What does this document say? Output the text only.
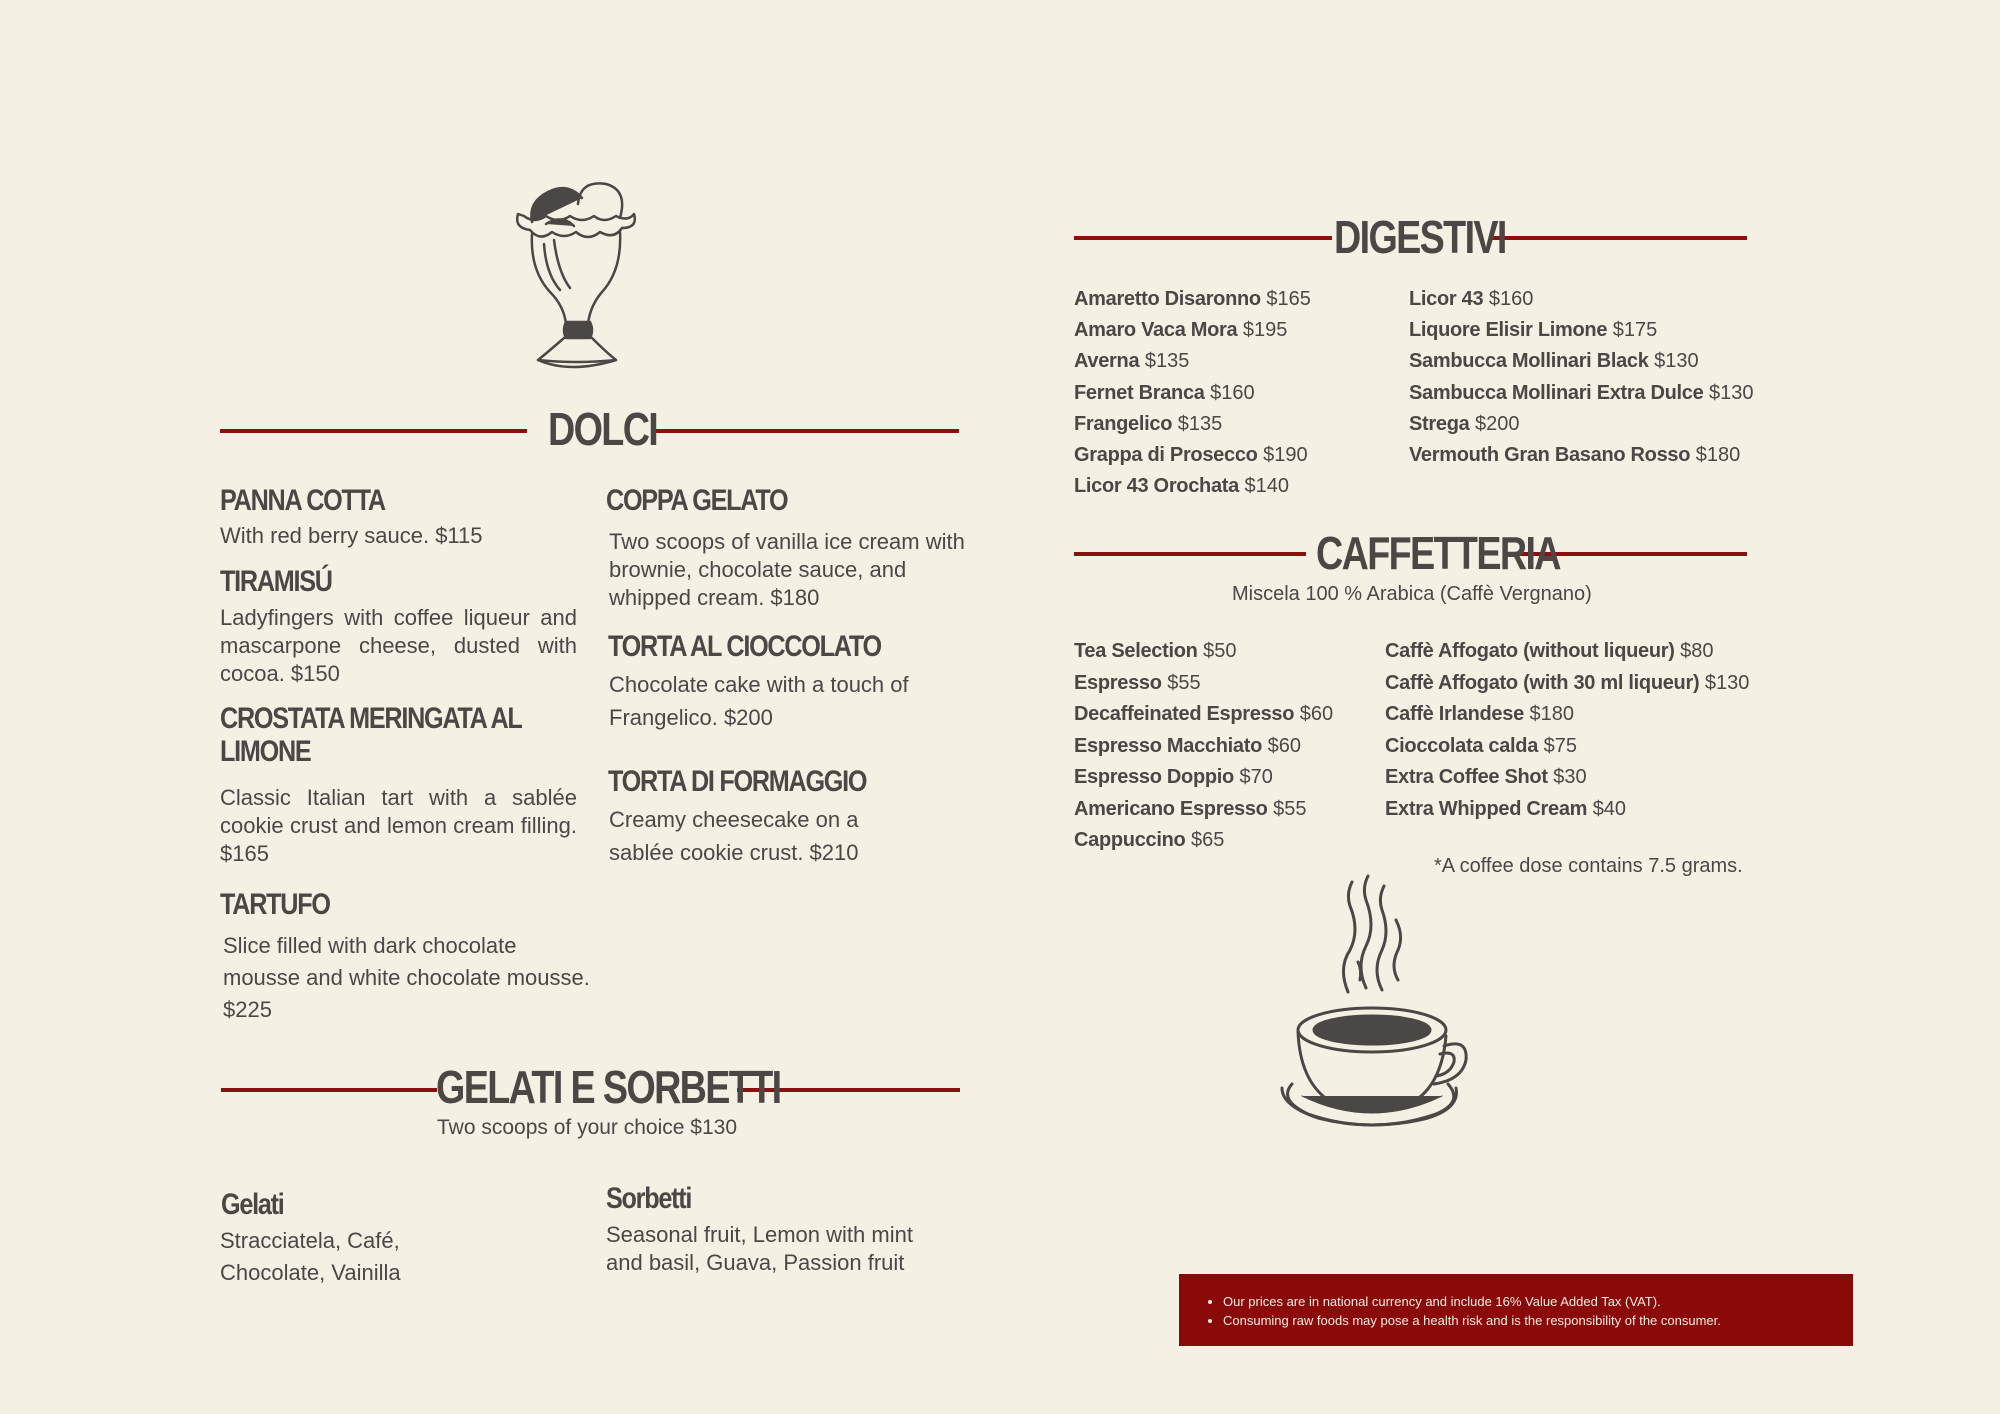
DOLCI
PANNA COTTA
With red berry sauce. $115
TIRAMISÚ
Ladyfingers with coffee liqueur and mascarpone cheese, dusted with cocoa. $150
CROSTATA MERINGATA AL LIMONE
Classic Italian tart with a sablée cookie crust and lemon cream filling. $165
TARTUFO
Slice filled with dark chocolate mousse and white chocolate mousse. $225
COPPA GELATO
Two scoops of vanilla ice cream with brownie, chocolate sauce, and whipped cream. $180
TORTA AL CIOCCOLATO
Chocolate cake with a touch of Frangelico. $200
TORTA DI FORMAGGIO
Creamy cheesecake on a sablée cookie crust. $210
GELATI E SORBETTI
Two scoops of your choice $130
Gelati
Stracciatela, Café, Chocolate, Vainilla
Sorbetti
Seasonal fruit, Lemon with mint and basil, Guava, Passion fruit
DIGESTIVI
Amaretto Disaronno $165
Amaro Vaca Mora $195
Averna $135
Fernet Branca $160
Frangelico $135
Grappa di Prosecco $190
Licor 43 Orochata $140
Licor 43 $160
Liquore Elisir Limone $175
Sambucca Mollinari Black $130
Sambucca Mollinari Extra Dulce $130
Strega $200
Vermouth Gran Basano Rosso $180
CAFFETTERIA
Miscela 100 % Arabica (Caffè Vergnano)
Tea Selection $50
Espresso $55
Decaffeinated Espresso $60
Espresso Macchiato $60
Espresso Doppio $70
Americano Espresso $55
Cappuccino $65
Caffè Affogato (without liqueur) $80
Caffè Affogato (with 30 ml liqueur) $130
Caffè Irlandese $180
Cioccolata calda $75
Extra Coffee Shot $30
Extra Whipped Cream $40
*A coffee dose contains 7.5 grams.
• Our prices are in national currency and include 16% Value Added Tax (VAT).
• Consuming raw foods may pose a health risk and is the responsibility of the consumer.
